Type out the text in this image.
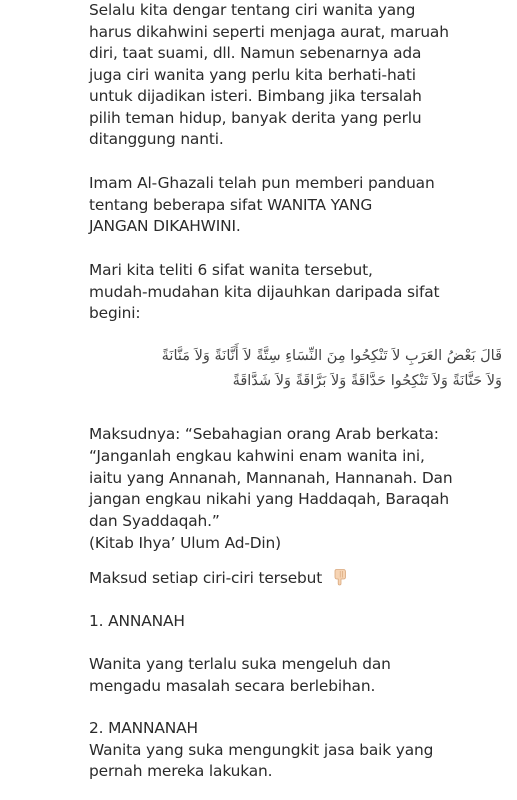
Selalu kita dengar tentang ciri wanita yang
harus dikahwini seperti menjaga aurat, maruah
diri, taat suami, dll. Namun sebenarnya ada
juga ciri wanita yang perlu kita berhati-hati
untuk dijadikan isteri. Bimbang jika tersalah
pilih teman hidup, banyak derita yang perlu
ditanggung nanti.

Imam Al-Ghazali telah pun memberi panduan
tentang beberapa sifat WANITA YANG
JANGAN DIKAHWINI.

Mari kita teliti 6 sifat wanita tersebut,
mudah-mudahan kita dijauhkan daripada sifat
begini:

قَالَ بَعْضُ العَرَبِ لاَ تَنْكِحُوا مِنَ النِّسَاءِ سِتَّةً لاَ أَنَّانَةً وَلاَ مَنَّانَةً
وَلاَ حَنَّانَةً وَلاَ تَنْكِحُوا حَدَّاقَةً وَلاَ بَرَّاقَةً وَلاَ شَدَّاقَةً

Maksudnya: “Sebahagian orang Arab berkata:
“Janganlah engkau kahwini enam wanita ini,
iaitu yang Annanah, Mannanah, Hannanah. Dan
jangan engkau nikahi yang Haddaqah, Baraqah
dan Syaddaqah.”
(Kitab Ihya’ Ulum Ad-Din)

Maksud setiap ciri-ciri tersebut

1. ANNANAH

Wanita yang terlalu suka mengeluh dan
mengadu masalah secara berlebihan.

2. MANNANAH
Wanita yang suka mengungkit jasa baik yang
pernah mereka lakukan.
